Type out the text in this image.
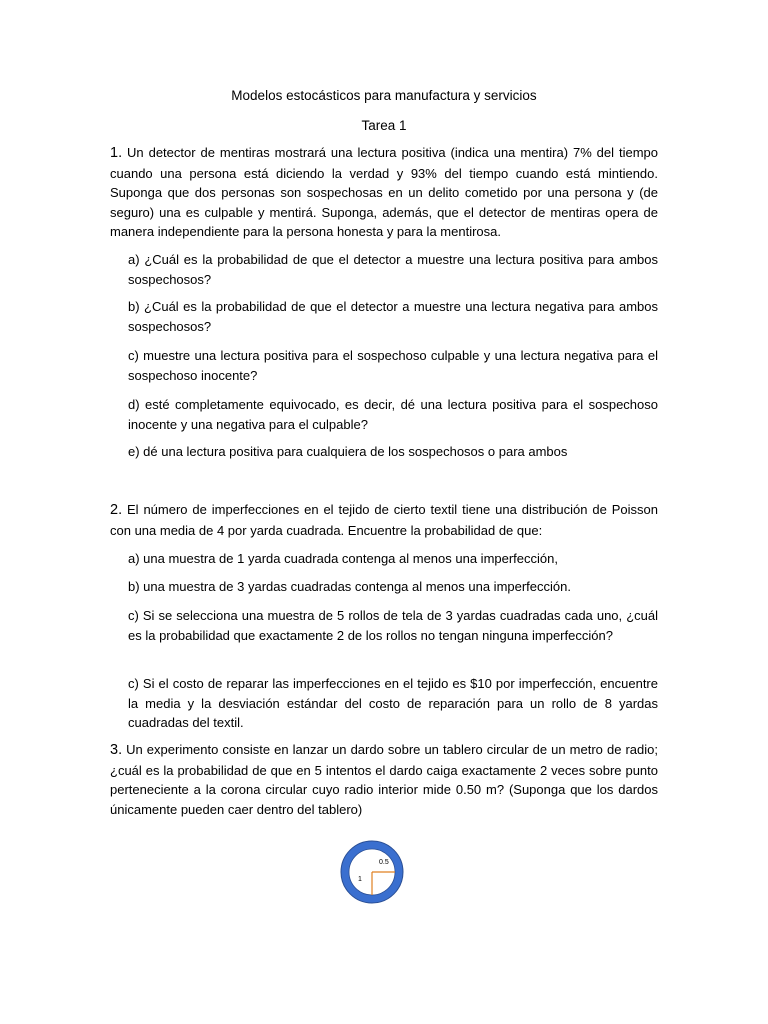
Modelos estocásticos para manufactura y servicios
Tarea 1
1. Un detector de mentiras mostrará una lectura positiva (indica una mentira) 7% del tiempo cuando una persona está diciendo la verdad y 93% del tiempo cuando está mintiendo. Suponga que dos personas son sospechosas en un delito cometido por una persona y (de seguro) una es culpable y mentirá. Suponga, además, que el detector de mentiras opera de manera independiente para la persona honesta y para la mentirosa.
a) ¿Cuál es la probabilidad de que el detector a muestre una lectura positiva para ambos sospechosos?
b) ¿Cuál es la probabilidad de que el detector a muestre una lectura negativa para ambos sospechosos?
c) muestre una lectura positiva para el sospechoso culpable y una lectura negativa para el sospechoso inocente?
d) esté completamente equivocado, es decir, dé una lectura positiva para el sospechoso inocente y una negativa para el culpable?
e) dé una lectura positiva para cualquiera de los sospechosos o para ambos
2. El número de imperfecciones en el tejido de cierto textil tiene una distribución de Poisson con una media de 4 por yarda cuadrada. Encuentre la probabilidad de que:
a) una muestra de 1 yarda cuadrada contenga al menos una imperfección,
b) una muestra de 3 yardas cuadradas contenga al menos una imperfección.
c) Si se selecciona una muestra de 5 rollos de tela de 3 yardas cuadradas cada uno, ¿cuál es la probabilidad que exactamente 2 de los rollos no tengan ninguna imperfección?
c) Si el costo de reparar las imperfecciones en el tejido es $10 por imperfección, encuentre la media y la desviación estándar del costo de reparación para un rollo de 8 yardas cuadradas del textil.
3. Un experimento consiste en lanzar un dardo sobre un tablero circular de un metro de radio; ¿cuál es la probabilidad de que en 5 intentos el dardo caiga exactamente 2 veces sobre punto perteneciente a la corona circular cuyo radio interior mide 0.50 m? (Suponga que los dardos únicamente pueden caer dentro del tablero)
0.5
1
